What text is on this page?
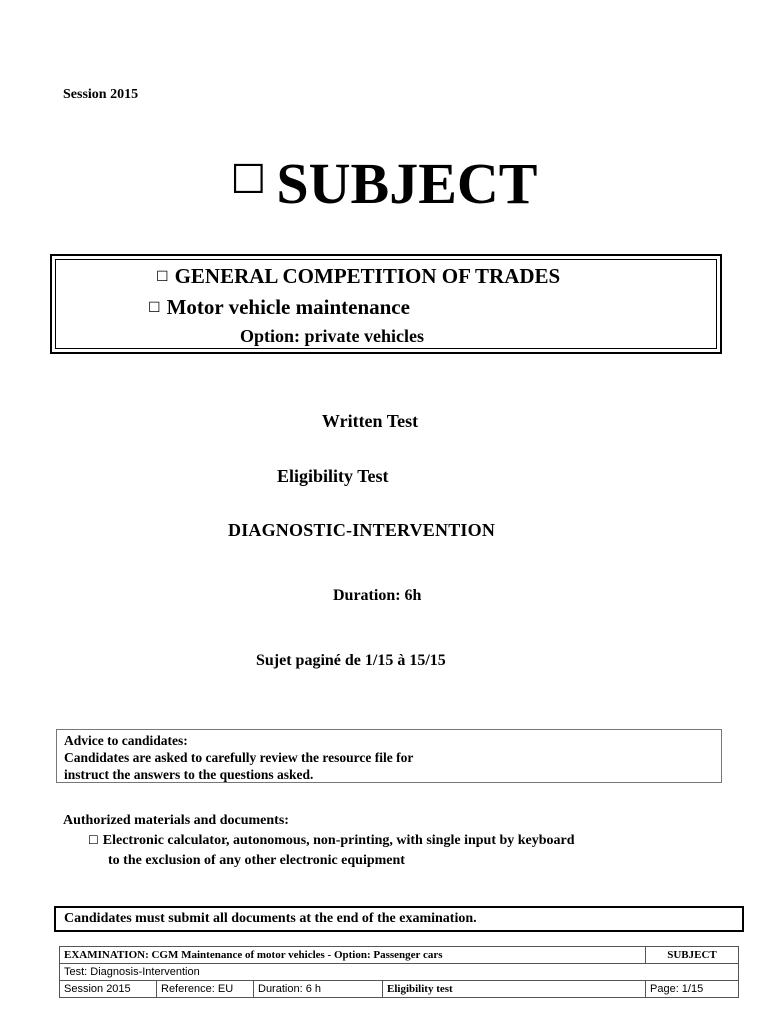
Session 2015
☐ SUBJECT
☐ GENERAL COMPETITION OF TRADES
☐ Motor vehicle maintenance
Option: private vehicles
Written Test
Eligibility Test
DIAGNOSTIC-INTERVENTION
Duration: 6h
Sujet paginé de 1/15 à 15/15
Advice to candidates:
Candidates are asked to carefully review the resource file for
instruct the answers to the questions asked.
Authorized materials and documents:
☐ Electronic calculator, autonomous, non-printing, with single input by keyboard
to the exclusion of any other electronic equipment
Candidates must submit all documents at the end of the examination.
EXAMINATION: CGM Maintenance of motor vehicles - Option: Passenger cars				SUBJECT
Test: Diagnosis-Intervention				
Session 2015	Reference: EU	Duration: 6 h	Eligibility test	Page: 1/15
